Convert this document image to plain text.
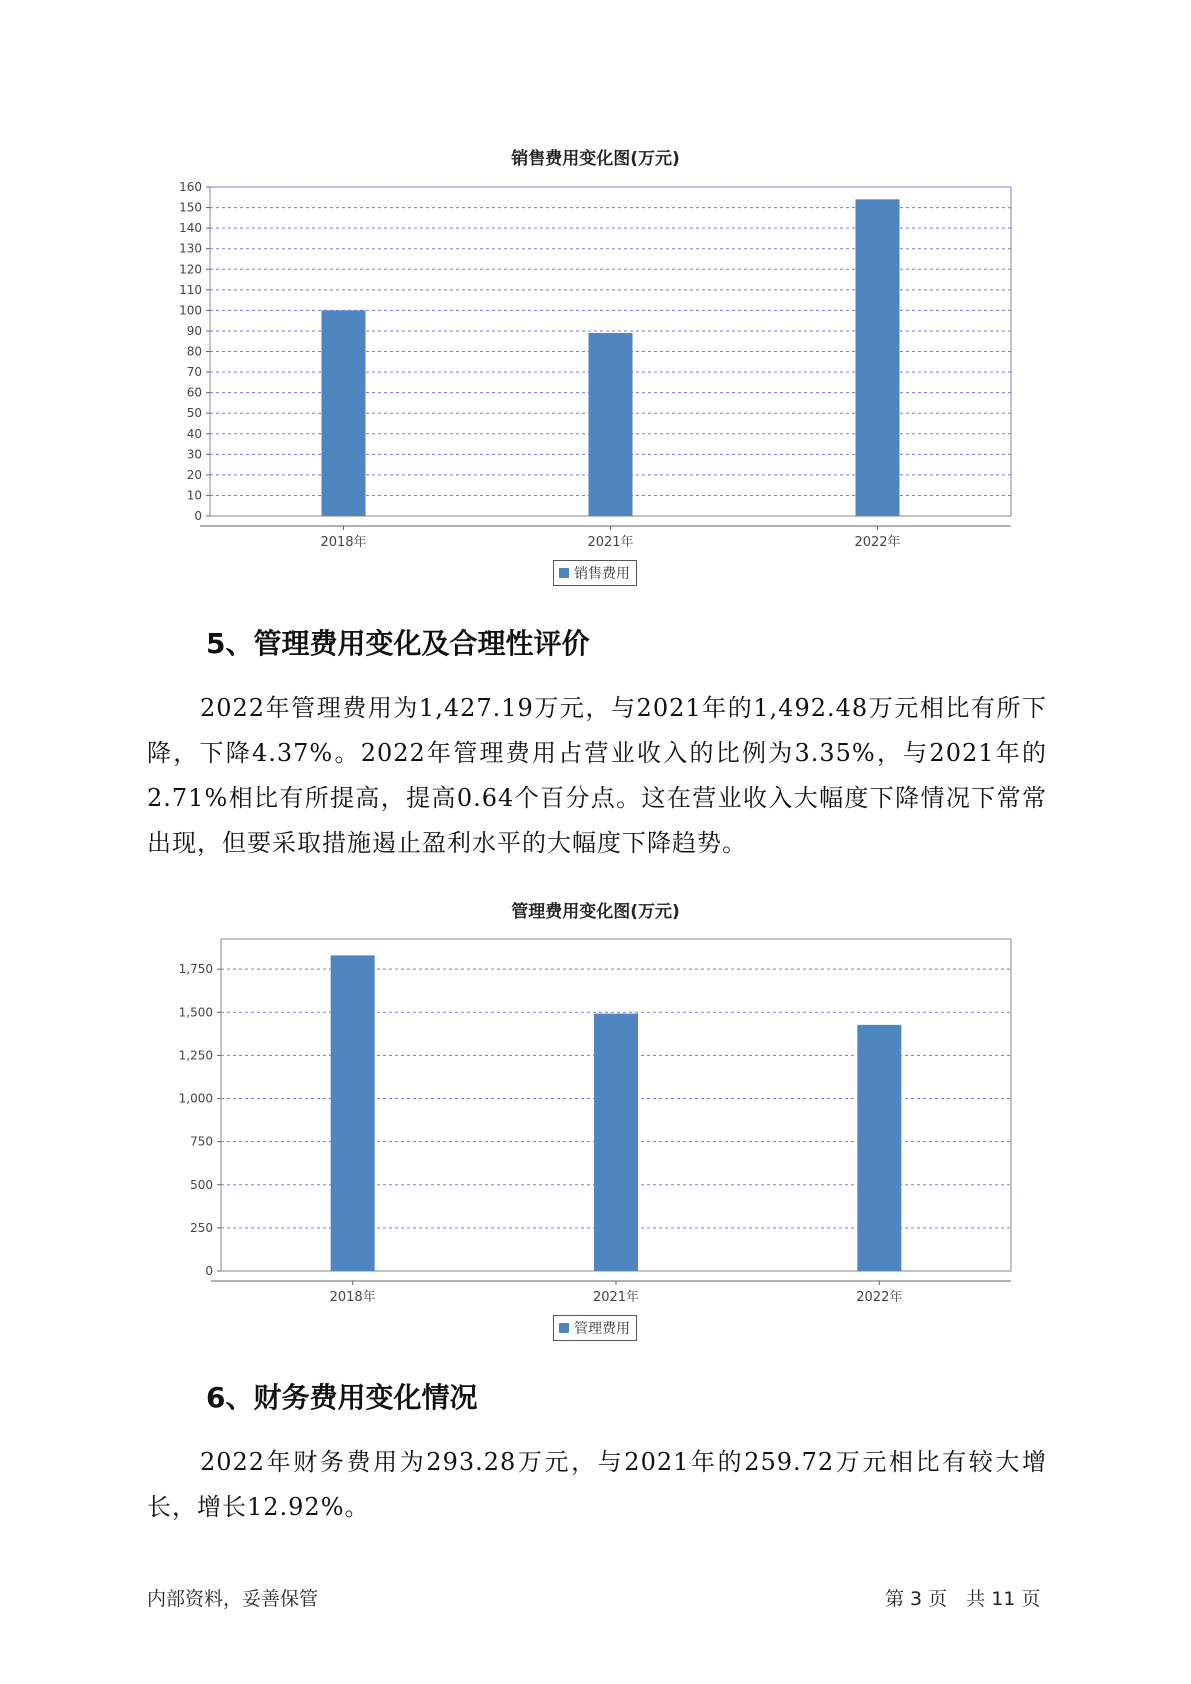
销售费用变化图(万元)
0
10
20
30
40
50
60
70
80
90
100
110
120
130
140
150
160
2018年	2021年	2022年
销售费用
5、管理费用变化及合理性评价

2022年管理费用为1,427.19万元，与2021年的1,492.48万元相比有所下降，下降4.37%。2022年管理费用占营业收入的比例为3.35%，与2021年的2.71%相比有所提高，提高0.64个百分点。这在营业收入大幅度下降情况下常常出现，但要采取措施遏止盈利水平的大幅度下降趋势。

管理费用变化图(万元)
0
250
500
750
1,000
1,250
1,500
1,750
2018年	2021年	2022年
管理费用
6、财务费用变化情况

2022年财务费用为293.28万元，与2021年的259.72万元相比有较大增长，增长12.92%。

内部资料，妥善保管	第 3 页　共 11 页
